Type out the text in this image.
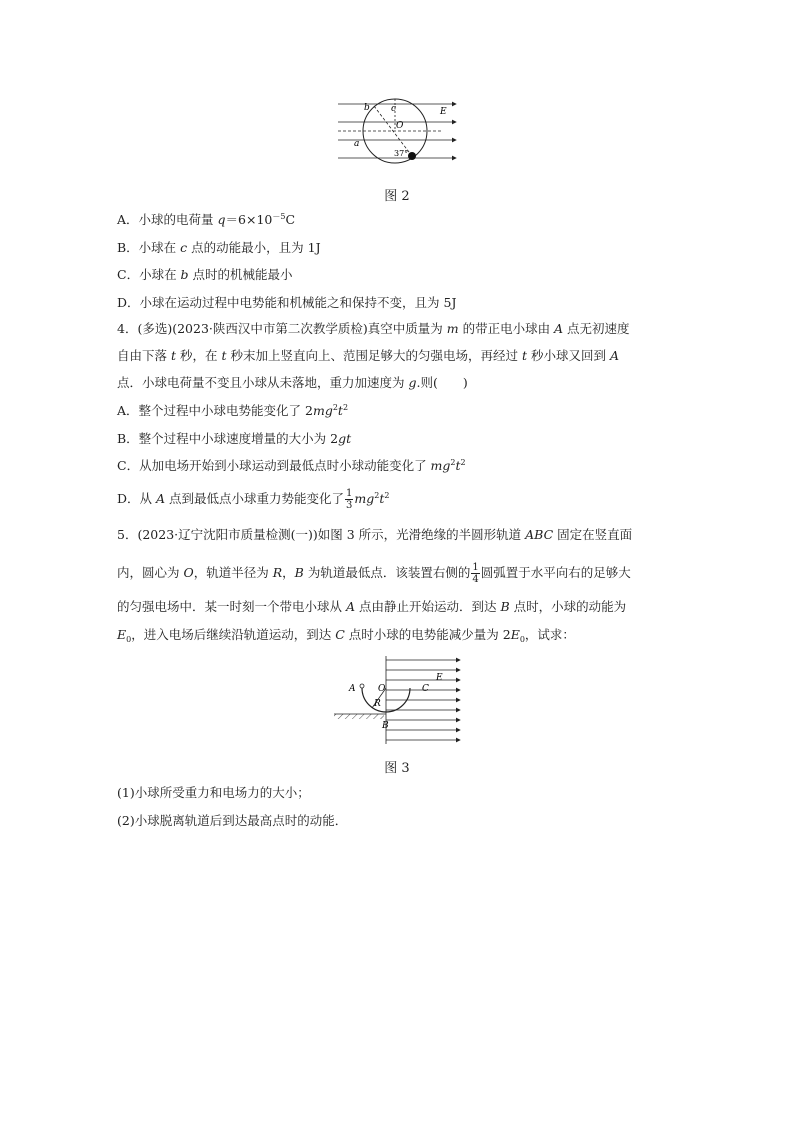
b c	E
O
a
37°
图 2
A．小球的电荷量 $q=6\times 10^{-5}C$
B．小球在 c 点的动能最小，且为 1J
C．小球在 b 点时的机械能最小
D．小球在运动过程中电势能和机械能之和保持不变，且为 5J
4．(多选)(2023·陕西汉中市第二次教学质检)真空中质量为 m 的带正电小球由 A 点无初速度
自由下落 t 秒，在 t 秒末加上竖直向上、范围足够大的匀强电场，再经过 t 秒小球又回到 A
点．小球电荷量不变且小球从未落地，重力加速度为 g.则(　　)
A．整个过程中小球电势能变化了 $2mg^2t^2$
B．整个过程中小球速度增量的大小为 2gt
C．从加电场开始到小球运动到最低点时小球动能变化了 $mg^2t^2$
D．从 A 点到最低点小球重力势能变化了 $\frac{1}{3} mg^2t^2$
5．(2023·辽宁沈阳市质量检测(一))如图 3 所示，光滑绝缘的半圆形轨道 ABC 固定在竖直面
内，圆心为 O，轨道半径为 R，B 为轨道最低点．该装置右侧的 $\frac{1}{4}$ 圆弧置于水平向右的足够大
的匀强电场中．某一时刻一个带电小球从 A 点由静止开始运动．到达 B 点时，小球的动能为
$E_0$，进入电场后继续沿轨道运动，到达 C 点时小球的电势能减少量为 $2E_0$，试求：
A	O	C
E
R
B
图 3
(1)小球所受重力和电场力的大小；
(2)小球脱离轨道后到达最高点时的动能．
